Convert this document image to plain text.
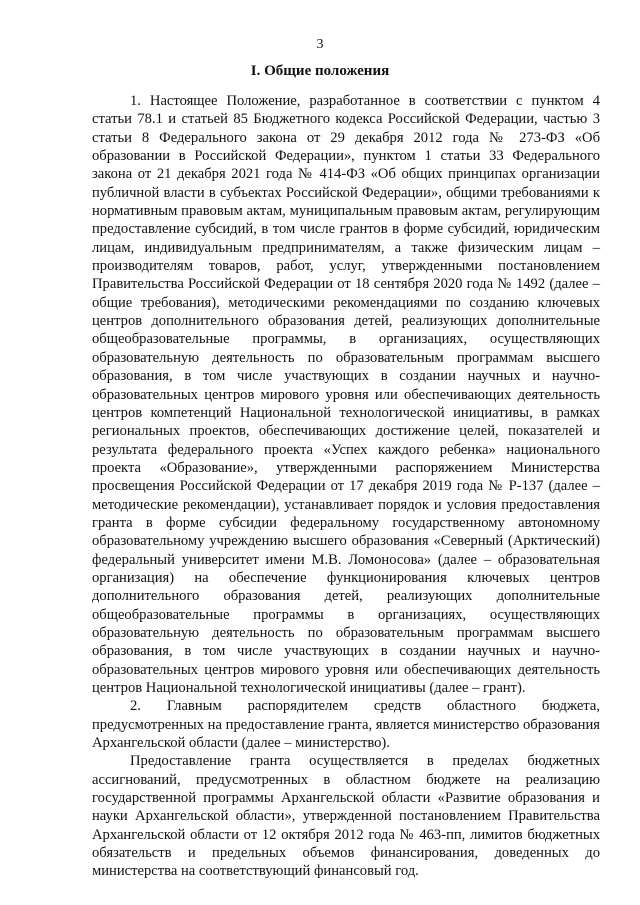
3
I. Общие положения

1. Настоящее Положение, разработанное в соответствии с пунктом 4 статьи 78.1 и статьей 85 Бюджетного кодекса Российской Федерации, частью 3 статьи 8 Федерального закона от 29 декабря 2012 года № 273-ФЗ «Об образовании в Российской Федерации», пунктом 1 статьи 33 Федерального закона от 21 декабря 2021 года № 414-ФЗ «Об общих принципах организации публичной власти в субъектах Российской Федерации», общими требованиями к нормативным правовым актам, муниципальным правовым актам, регулирующим предоставление субсидий, в том числе грантов в форме субсидий, юридическим лицам, индивидуальным предпринимателям, а также физическим лицам – производителям товаров, работ, услуг, утвержденными постановлением Правительства Российской Федерации от 18 сентября 2020 года № 1492 (далее – общие требования), методическими рекомендациями по созданию ключевых центров дополнительного образования детей, реализующих дополнительные общеобразовательные программы, в организациях, осуществляющих образовательную деятельность по образовательным программам высшего образования, в том числе участвующих в создании научных и научно-образовательных центров мирового уровня или обеспечивающих деятельность центров компетенций Национальной технологической инициативы, в рамках региональных проектов, обеспечивающих достижение целей, показателей и результата федерального проекта «Успех каждого ребенка» национального проекта «Образование», утвержденными распоряжением Министерства просвещения Российской Федерации от 17 декабря 2019 года № Р-137 (далее – методические рекомендации), устанавливает порядок и условия предоставления гранта в форме субсидии федеральному государственному автономному образовательному учреждению высшего образования «Северный (Арктический) федеральный университет имени М.В. Ломоносова» (далее – образовательная организация) на обеспечение функционирования ключевых центров дополнительного образования детей, реализующих дополнительные общеобразовательные программы в организациях, осуществляющих образовательную деятельность по образовательным программам высшего образования, в том числе участвующих в создании научных и научно-образовательных центров мирового уровня или обеспечивающих деятельность центров Национальной технологической инициативы (далее – грант).

2. Главным распорядителем средств областного бюджета, предусмотренных на предоставление гранта, является министерство образования Архангельской области (далее – министерство).

Предоставление гранта осуществляется в пределах бюджетных ассигнований, предусмотренных в областном бюджете на реализацию государственной программы Архангельской области «Развитие образования и науки Архангельской области», утвержденной постановлением Правительства Архангельской области от 12 октября 2012 года № 463-пп, лимитов бюджетных обязательств и предельных объемов финансирования, доведенных до министерства на соответствующий финансовый год.
